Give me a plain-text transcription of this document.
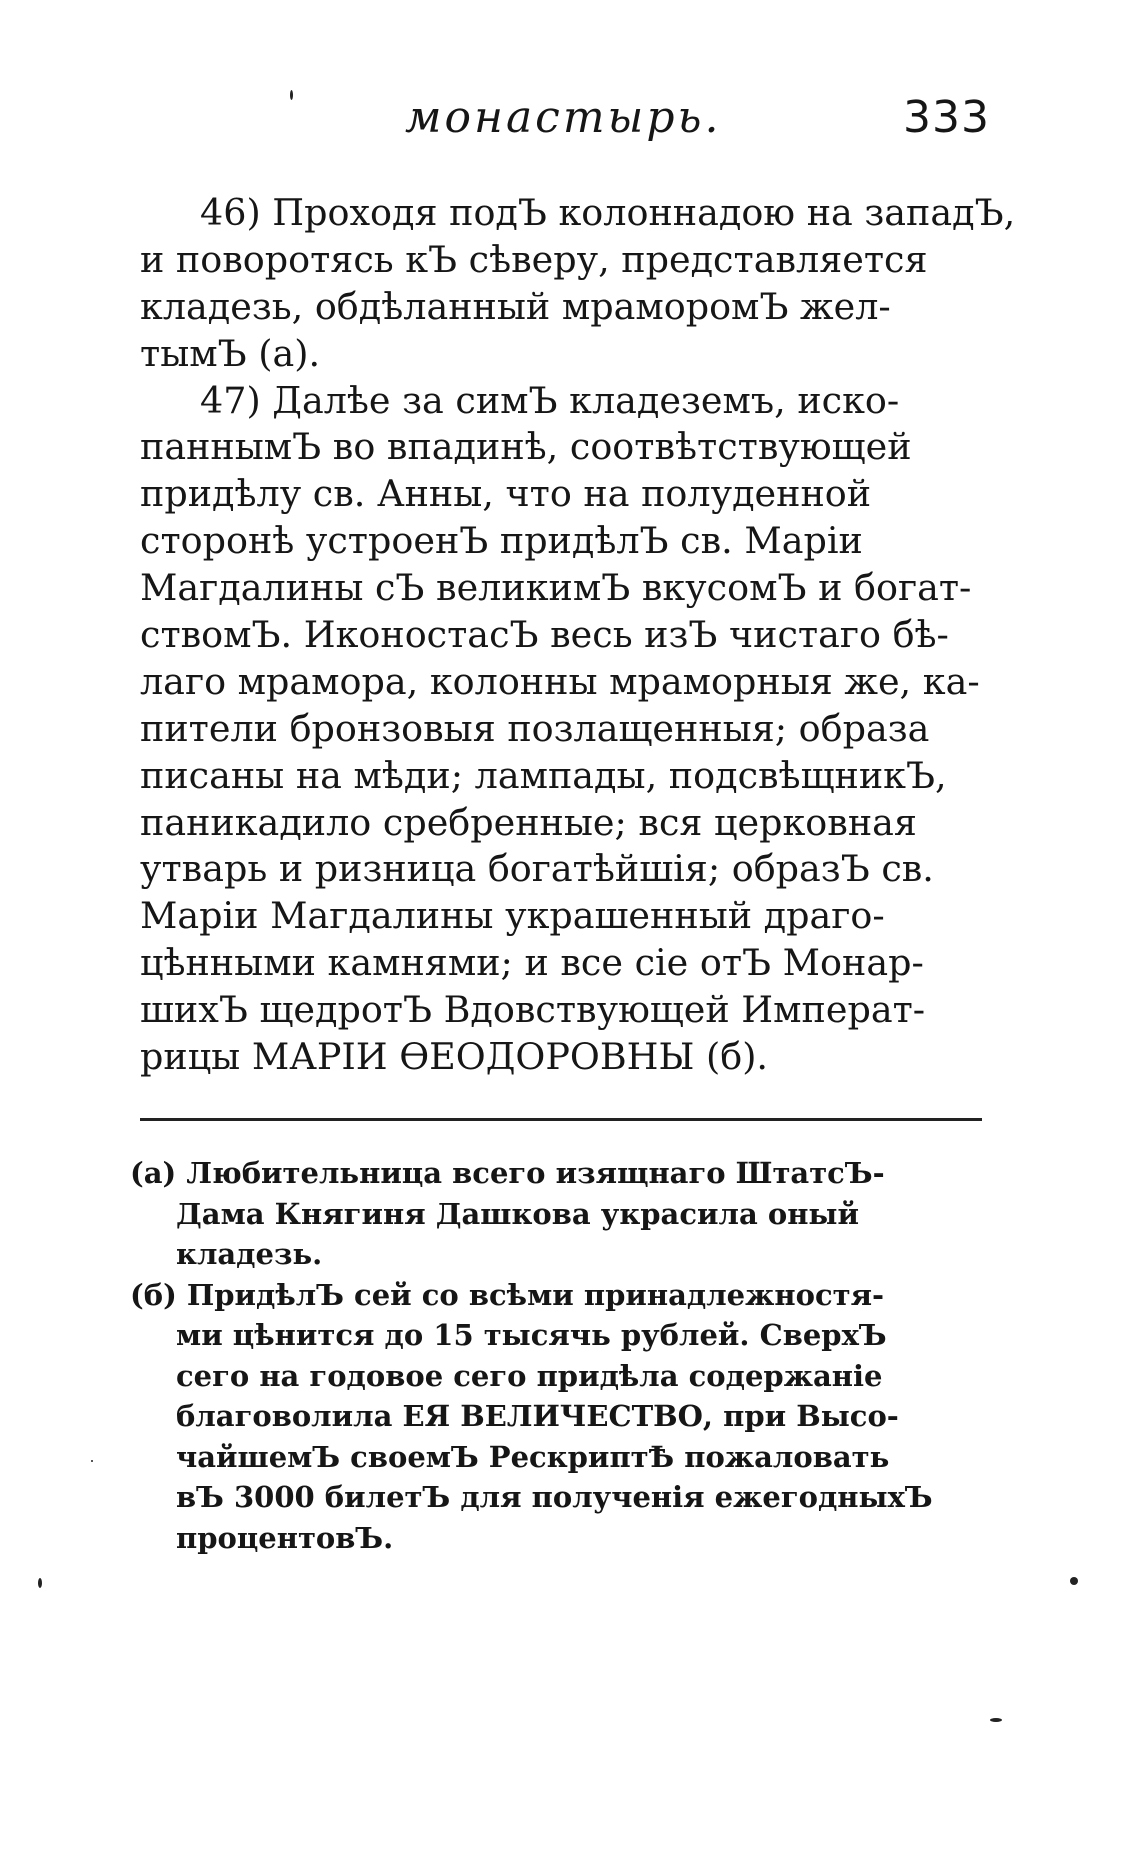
монастырь.	333
46) Проходя подЪ колоннадою на западЪ,
и поворотясь кЪ сѣверу, представляется
кладезь, обдѣланный мраморомЪ жел-
тымЪ (а).
47) Далѣе за симЪ кладеземъ, иско-
паннымЪ во впадинѣ, соотвѣтствующей
придѣлу св. Анны, что на полуденной
сторонѣ устроенЪ придѣлЪ св. Маріи
Магдалины сЪ великимЪ вкусомЪ и богат-
ствомЪ. ИконостасЪ весь изЪ чистаго бѣ-
лаго мрамора, колонны мраморныя же, ка-
пители бронзовыя позлащенныя; образа
писаны на мѣди; лампады, подсвѣщникЪ,
паникадило сребренные; вся церковная
утварь и ризница богатѣйшія; образЪ св.
Маріи Магдалины украшенный драго-
цѣнными камнями; и все сіе отЪ Монар-
шихЪ щедротЪ Вдовствующей Императ-
рицы МАРІИ ѲЕОДОРОВНЫ (б).
(а) Любительница всего изящнаго ШтатсЪ-
Дама Княгиня Дашкова украсила оный
кладезь.
(б) ПридѣлЪ сей со всѣми принадлежностя-
ми цѣнится до 15 тысячь рублей. СверхЪ
сего на годовое сего придѣла содержаніе
благоволила ЕЯ ВЕЛИЧЕСТВО, при Высо-
чайшемЪ своемЪ РескриптѢ пожаловать
вЪ 3000 билетЪ для полученія ежегодныхЪ
процентовЪ.
